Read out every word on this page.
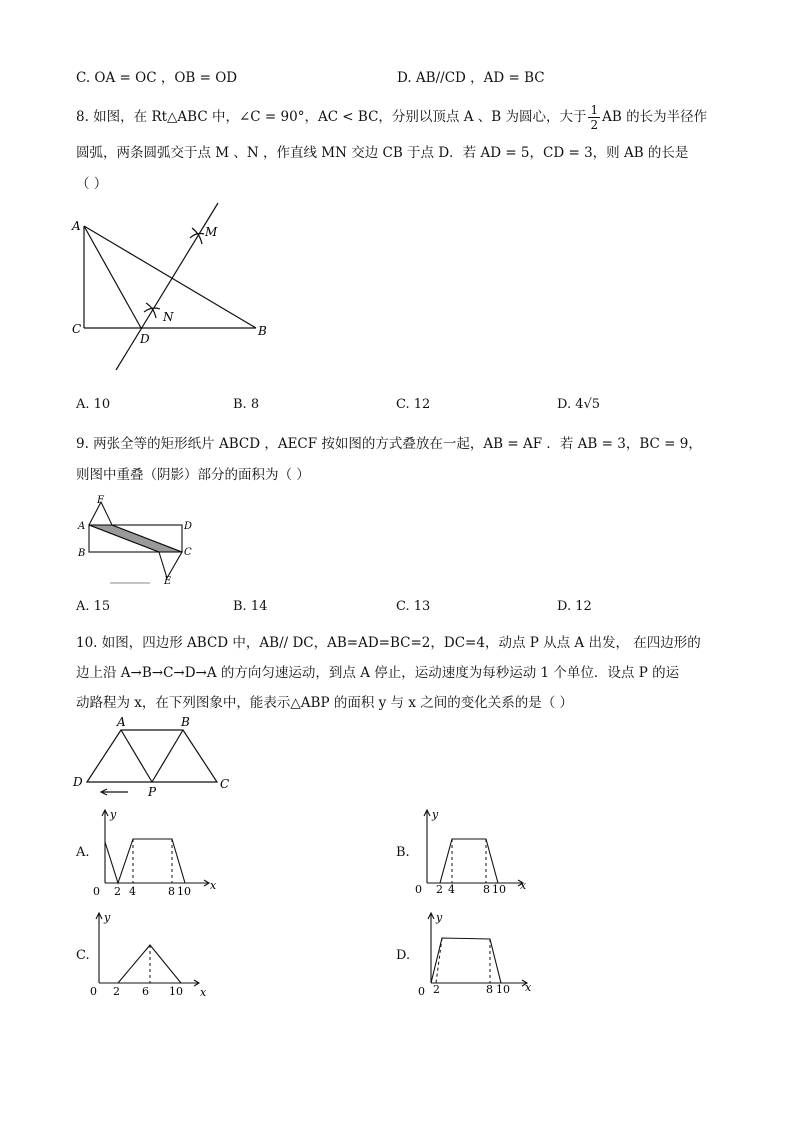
C. OA = OC ，OB = OD	D. AB//CD ，AD = BC
8. 如图，在 Rt△ABC 中，∠C = 90°，AC < BC，分别以顶点 A 、B 为圆心，大于 $\frac{1}{2}$ AB 的长为半径作
圆弧，两条圆弧交于点 M 、N ，作直线 MN 交边 CB 于点 D．若 AD = 5，CD = 3，则 AB 的长是
（ ）
A
C	B
D
M
N
A. 10	B. 8	C. 12	D. 4√5
9. 两张全等的矩形纸片 ABCD ，AECF 按如图的方式叠放在一起，AB = AF ．若 AB = 3，BC = 9，
则图中重叠（阴影）部分的面积为（ ）
F
A
B
D
C
E
A. 15	B. 14	C. 13	D. 12
10. 如图，四边形 ABCD 中，AB// DC，AB=AD=BC=2，DC=4，动点 P 从点 A 出发， 在四边形的
边上沿 A→B→C→D→A 的方向匀速运动，到点 A 停止，运动速度为每秒运动 1 个单位．设点 P 的运
动路程为 x，在下列图象中，能表示△ABP 的面积 y 与 x 之间的变化关系的是（ ）
A	B
D	C
P
A.
y
x
0 2 4	8 10
B.
y
x
0 2 4	8 10
C.
y
x
0 2 6 10
D.
y
x
0 2	8 10
